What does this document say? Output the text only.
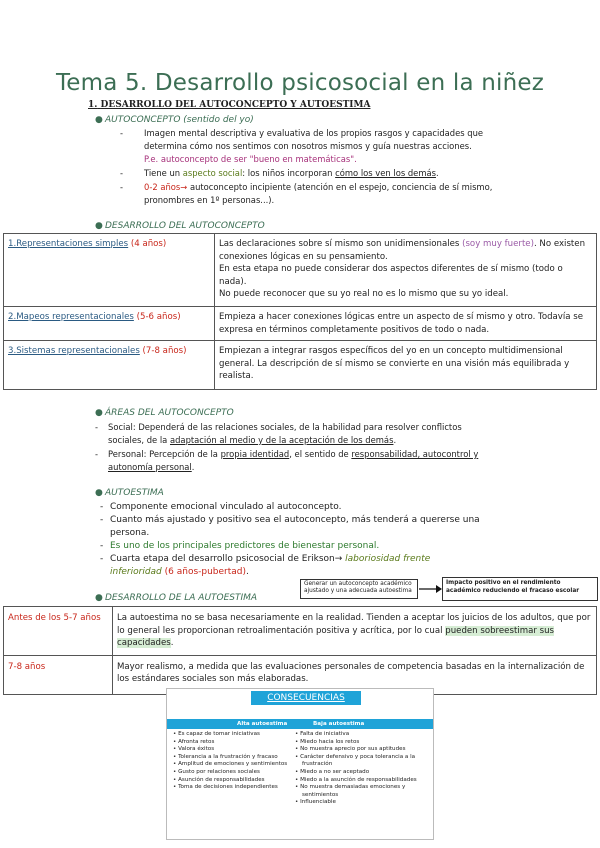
Tema 5. Desarrollo psicosocial en la niñez
1. DESARROLLO DEL AUTOCONCEPTO Y AUTOESTIMA
● AUTOCONCEPTO (sentido del yo)
-	Imagen mental descriptiva y evaluativa de los propios rasgos y capacidades que determina cómo nos sentimos con nosotros mismos y guía nuestras acciones.
P.e. autoconcepto de ser "bueno en matemáticas".
-	Tiene un aspecto social: los niños incorporan cómo los ven los demás.
-	0-2 años→ autoconcepto incipiente (atención en el espejo, conciencia de sí mismo, pronombres en 1º personas...).
● DESARROLLO DEL AUTOCONCEPTO
1.Representaciones simples (4 años)	Las declaraciones sobre sí mismo son unidimensionales (soy muy fuerte). No existen conexiones lógicas en su pensamiento.
En esta etapa no puede considerar dos aspectos diferentes de sí mismo (todo o nada).
No puede reconocer que su yo real no es lo mismo que su yo ideal.
2.Mapeos representacionales (5-6 años)	Empieza a hacer conexiones lógicas entre un aspecto de sí mismo y otro. Todavía se expresa en términos completamente positivos de todo o nada.
3.Sistemas representacionales (7-8 años)	Empiezan a integrar rasgos específicos del yo en un concepto multidimensional general. La descripción de sí mismo se convierte en una visión más equilibrada y realista.
● ÁREAS DEL AUTOCONCEPTO
-	Social: Dependerá de las relaciones sociales, de la habilidad para resolver conflictos sociales, de la adaptación al medio y de la aceptación de los demás.
-	Personal: Percepción de la propia identidad, el sentido de responsabilidad, autocontrol y autonomía personal.
● AUTOESTIMA
- Componente emocional vinculado al autoconcepto.
- Cuanto más ajustado y positivo sea el autoconcepto, más tenderá a quererse una persona.
- Es uno de los principales predictores de bienestar personal.
- Cuarta etapa del desarrollo psicosocial de Erikson→ laboriosidad frente inferioridad (6 años-pubertad).
● DESARROLLO DE LA AUTOESTIMA
Generar un autoconcepto académico ajustado y una adecuada autoestima
Impacto positivo en el rendimiento académico reduciendo el fracaso escolar
Antes de los 5-7 años	La autoestima no se basa necesariamente en la realidad. Tienden a aceptar los juicios de los adultos, que por lo general les proporcionan retroalimentación positiva y acrítica, por lo cual pueden sobreestimar sus capacidades.
7-8 años	Mayor realismo, a medida que las evaluaciones personales de competencia basadas en la internalización de los estándares sociales son más elaboradas.
CONSECUENCIAS
Alta autoestima	Baja autoestima
• Es capaz de tomar iniciativas
• Afronta retos
• Valora éxitos
• Tolerancia a la frustración y fracaso
• Amplitud de emociones y sentimientos
• Gusto por relaciones sociales
• Asunción de responsabilidades
• Toma de decisiones independientes
• Falta de iniciativa
• Miedo hacia los retos
• No muestra aprecio por sus aptitudes
• Carácter defensivo y poca tolerancia a la frustración
• Miedo a no ser aceptado
• Miedo a la asunción de responsabilidades
• No muestra demasiadas emociones y sentimientos
• Influenciable
